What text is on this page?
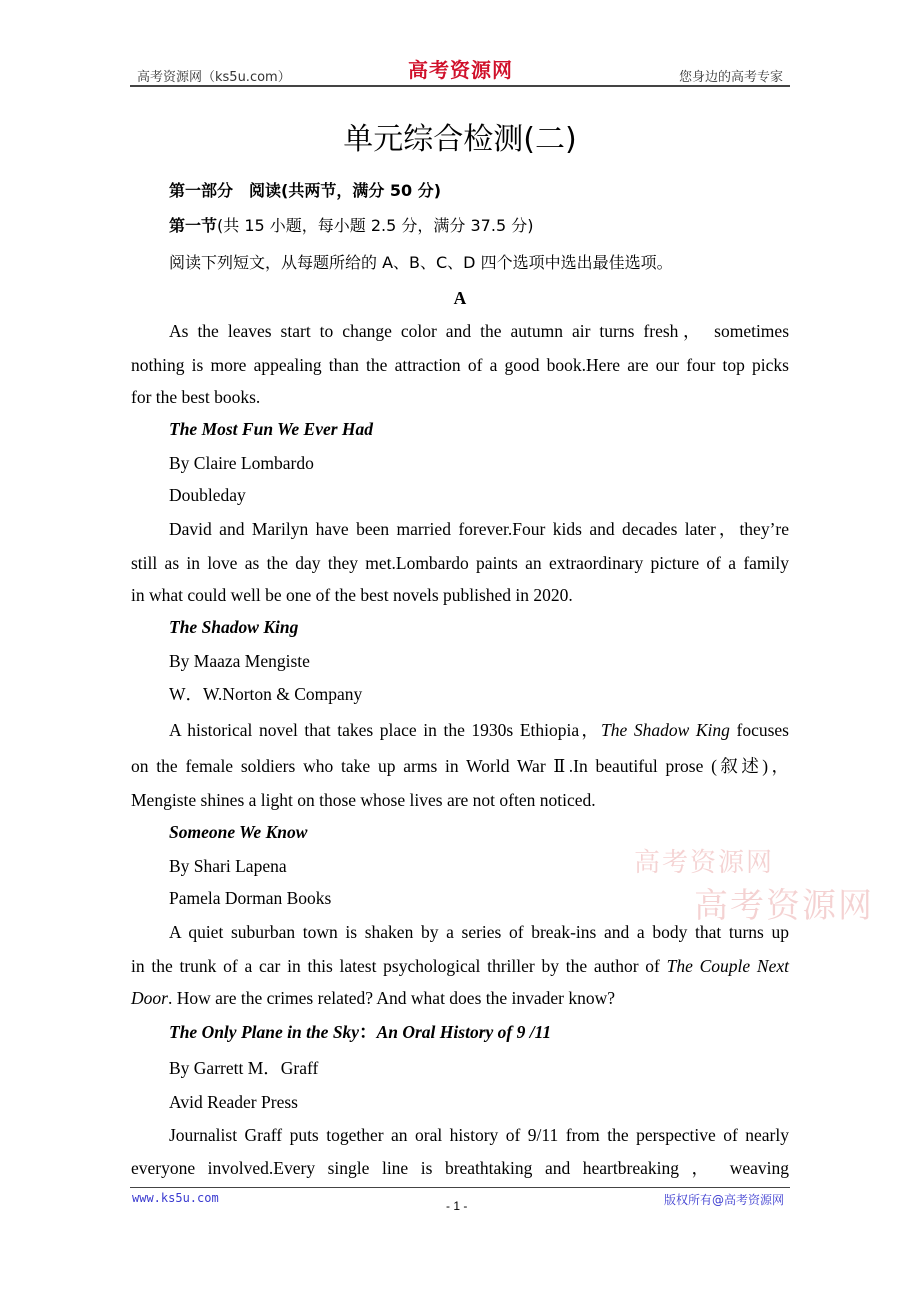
高考资源网（ks5u.com）	高考资源网	您身边的高考专家
单元综合检测(二)
第一部分　阅读(共两节，满分 50 分)
第一节(共 15 小题，每小题 2.5 分，满分 37.5 分)
阅读下列短文，从每题所给的 A、B、C、D 四个选项中选出最佳选项。
A
As the leaves start to change color and the autumn air turns fresh， sometimes
nothing is more appealing than the attraction of a good book.Here are our four top picks
for the best books.
The Most Fun We Ever Had
By Claire Lombardo
Doubleday
David and Marilyn have been married forever.Four kids and decades later，they’re
still as in love as the day they met.Lombardo paints an extraordinary picture of a family
in what could well be one of the best novels published in 2020.
The Shadow King
By Maaza Mengiste
W．W.Norton & Company
A historical novel that takes place in the 1930s Ethiopia，The Shadow King focuses
on the female soldiers who take up arms in World War Ⅱ.In beautiful prose (叙述)，
Mengiste shines a light on those whose lives are not often noticed.
Someone We Know
By Shari Lapena
Pamela Dorman Books
A quiet suburban town is shaken by a series of break-ins and a body that turns up
in the trunk of a car in this latest psychological thriller by the author of The Couple Next
Door. How are the crimes related? And what does the invader know?
The Only Plane in the Sky：An Oral History of 9 /11
By Garrett M．Graff
Avid Reader Press
Journalist Graff puts together an oral history of 9/11 from the perspective of nearly
everyone involved.Every single line is breathtaking and heartbreaking ， weaving
高考资源网
高考资源网
www.ks5u.com
- 1 -	版权所有@高考资源网
